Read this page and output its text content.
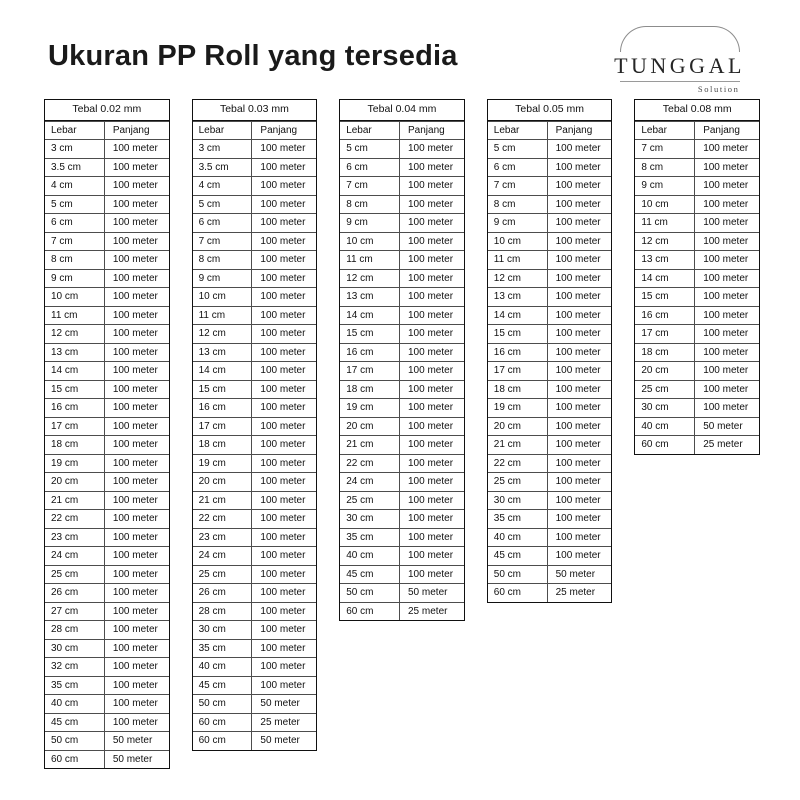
Ukuran PP Roll yang tersedia	TUNGGAL
Solution
Tebal 0.02 mm
Lebar	Panjang
3 cm	100 meter
3.5 cm	100 meter
4 cm	100 meter
5 cm	100 meter
6 cm	100 meter
7 cm	100 meter
8 cm	100 meter
9 cm	100 meter
10 cm	100 meter
11 cm	100 meter
12 cm	100 meter
13 cm	100 meter
14 cm	100 meter
15 cm	100 meter
16 cm	100 meter
17 cm	100 meter
18 cm	100 meter
19 cm	100 meter
20 cm	100 meter
21 cm	100 meter
22 cm	100 meter
23 cm	100 meter
24 cm	100 meter
25 cm	100 meter
26 cm	100 meter
27 cm	100 meter
28 cm	100 meter
30 cm	100 meter
32 cm	100 meter
35 cm	100 meter
40 cm	100 meter
45 cm	100 meter
50 cm	50 meter
60 cm	50 meter
Tebal 0.03 mm
Lebar	Panjang
3 cm	100 meter
3.5 cm	100 meter
4 cm	100 meter
5 cm	100 meter
6 cm	100 meter
7 cm	100 meter
8 cm	100 meter
9 cm	100 meter
10 cm	100 meter
11 cm	100 meter
12 cm	100 meter
13 cm	100 meter
14 cm	100 meter
15 cm	100 meter
16 cm	100 meter
17 cm	100 meter
18 cm	100 meter
19 cm	100 meter
20 cm	100 meter
21 cm	100 meter
22 cm	100 meter
23 cm	100 meter
24 cm	100 meter
25 cm	100 meter
26 cm	100 meter
28 cm	100 meter
30 cm	100 meter
35 cm	100 meter
40 cm	100 meter
45 cm	100 meter
50 cm	50 meter
60 cm	25 meter
60 cm	50 meter
Tebal 0.04 mm
Lebar	Panjang
5 cm	100 meter
6 cm	100 meter
7 cm	100 meter
8 cm	100 meter
9 cm	100 meter
10 cm	100 meter
11 cm	100 meter
12 cm	100 meter
13 cm	100 meter
14 cm	100 meter
15 cm	100 meter
16 cm	100 meter
17 cm	100 meter
18 cm	100 meter
19 cm	100 meter
20 cm	100 meter
21 cm	100 meter
22 cm	100 meter
24 cm	100 meter
25 cm	100 meter
30 cm	100 meter
35 cm	100 meter
40 cm	100 meter
45 cm	100 meter
50 cm	50 meter
60 cm	25 meter
Tebal 0.05 mm
Lebar	Panjang
5 cm	100 meter
6 cm	100 meter
7 cm	100 meter
8 cm	100 meter
9 cm	100 meter
10 cm	100 meter
11 cm	100 meter
12 cm	100 meter
13 cm	100 meter
14 cm	100 meter
15 cm	100 meter
16 cm	100 meter
17 cm	100 meter
18 cm	100 meter
19 cm	100 meter
20 cm	100 meter
21 cm	100 meter
22 cm	100 meter
25 cm	100 meter
30 cm	100 meter
35 cm	100 meter
40 cm	100 meter
45 cm	100 meter
50 cm	50 meter
60 cm	25 meter
Tebal 0.08 mm
Lebar	Panjang
7 cm	100 meter
8 cm	100 meter
9 cm	100 meter
10 cm	100 meter
11 cm	100 meter
12 cm	100 meter
13 cm	100 meter
14 cm	100 meter
15 cm	100 meter
16 cm	100 meter
17 cm	100 meter
18 cm	100 meter
20 cm	100 meter
25 cm	100 meter
30 cm	100 meter
40 cm	50 meter
60 cm	25 meter
